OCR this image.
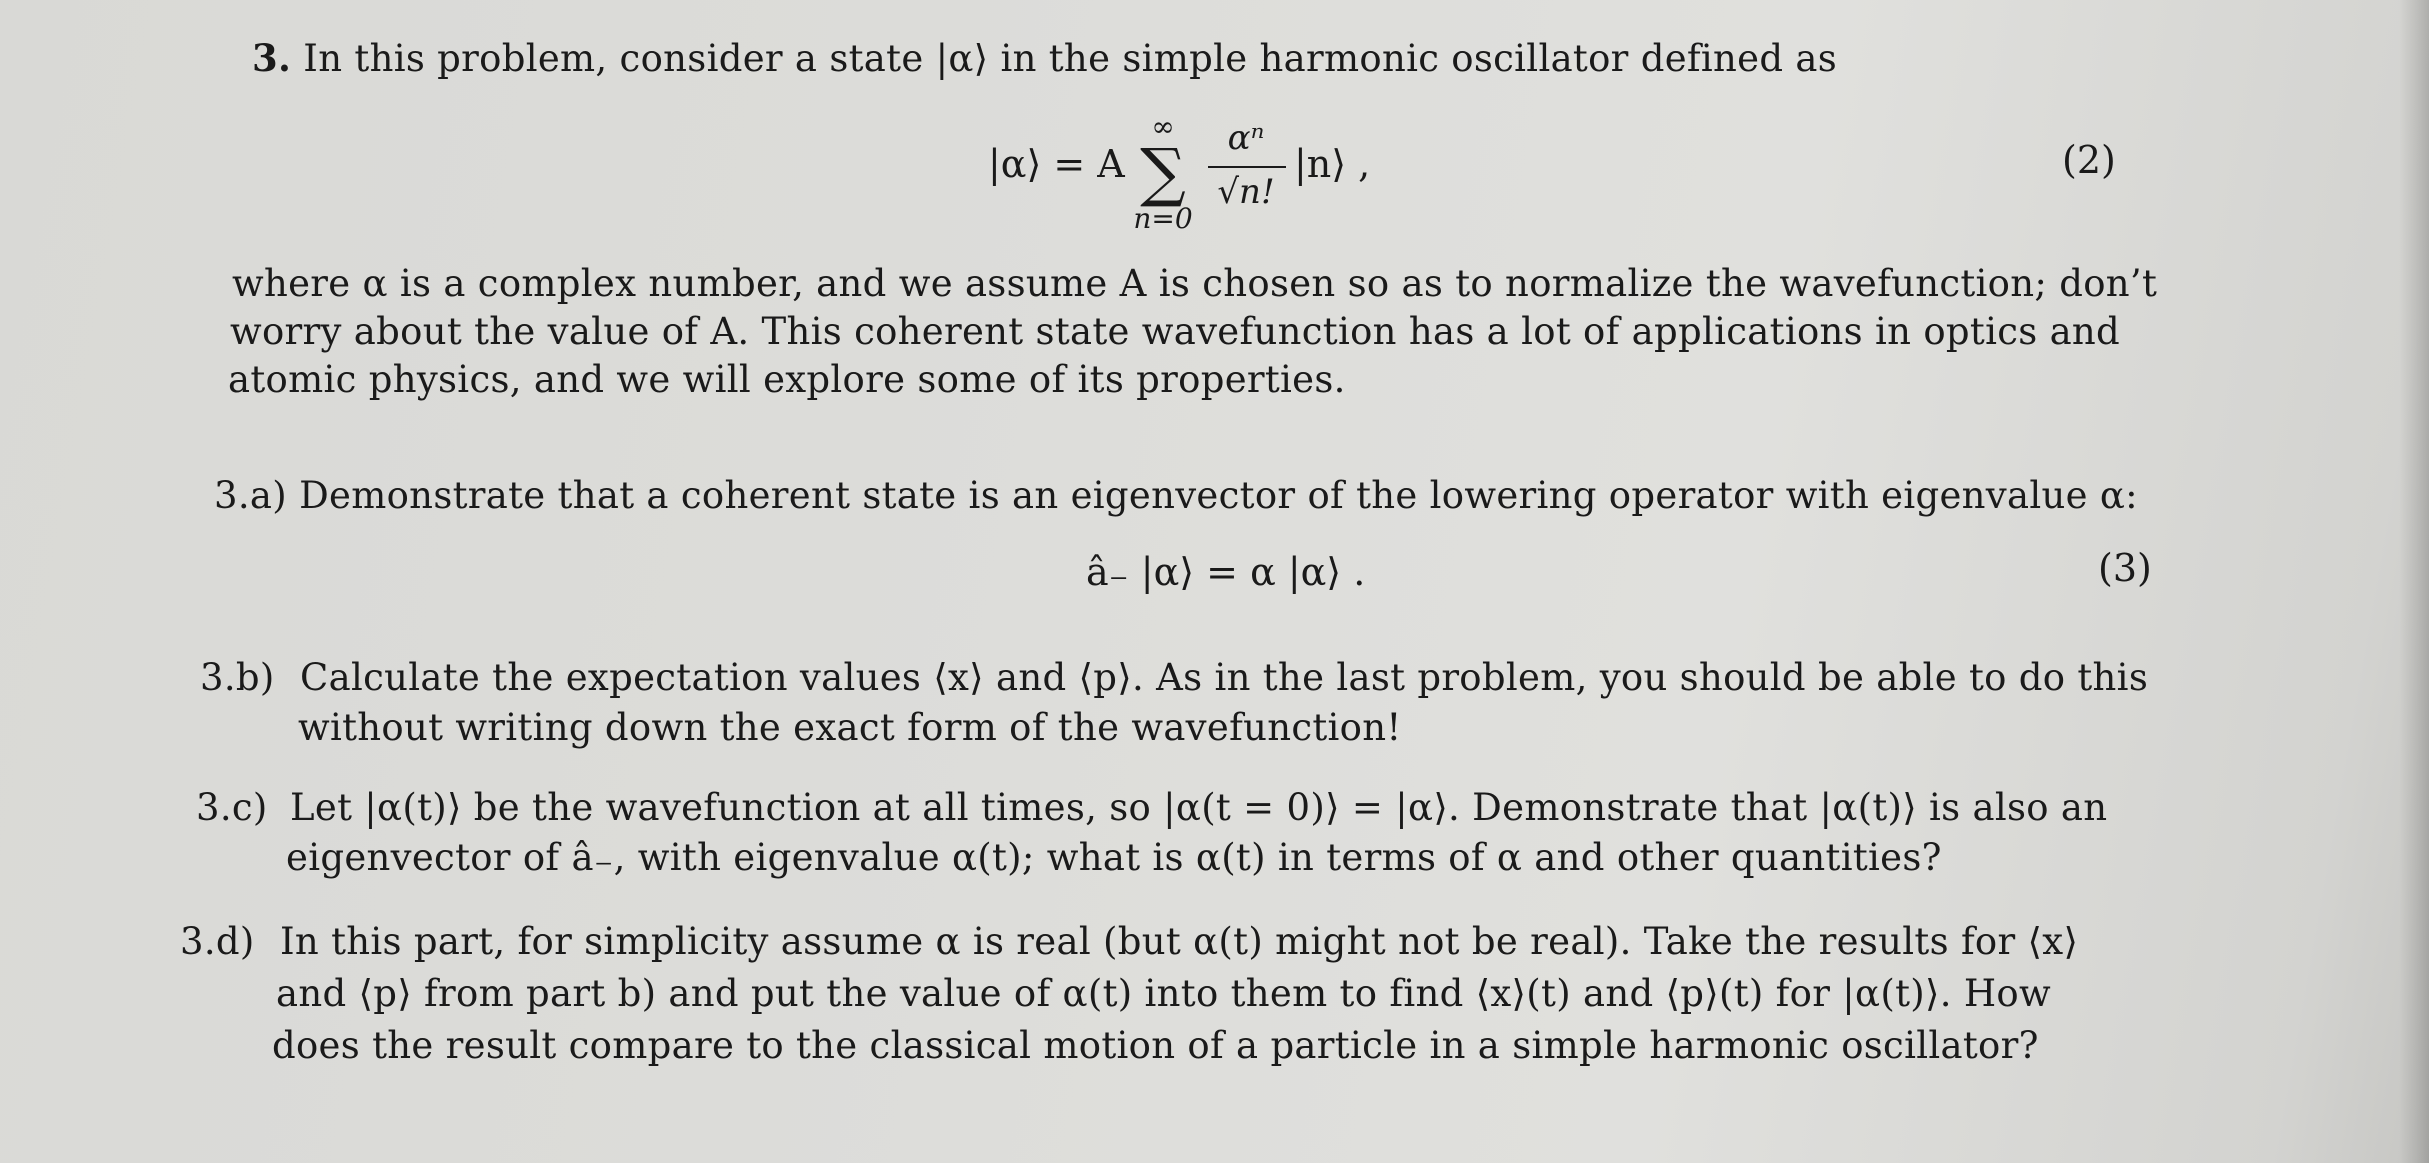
3. In this problem, consider a state |α⟩ in the simple harmonic oscillator defined as
|α⟩ = A
∞
∑
n=0
αⁿ
√n!
|n⟩ ,	(2)
where α is a complex number, and we assume A is chosen so as to normalize the wavefunction; don’t
worry about the value of A. This coherent state wavefunction has a lot of applications in optics and
atomic physics, and we will explore some of its properties.
3.a) Demonstrate that a coherent state is an eigenvector of the lowering operator with eigenvalue α:
â₋ |α⟩ = α |α⟩ .	(3)
3.b) Calculate the expectation values ⟨x⟩ and ⟨p⟩. As in the last problem, you should be able to do this
without writing down the exact form of the wavefunction!
3.c) Let |α(t)⟩ be the wavefunction at all times, so |α(t = 0)⟩ = |α⟩. Demonstrate that |α(t)⟩ is also an
eigenvector of â₋, with eigenvalue α(t); what is α(t) in terms of α and other quantities?
3.d) In this part, for simplicity assume α is real (but α(t) might not be real). Take the results for ⟨x⟩
and ⟨p⟩ from part b) and put the value of α(t) into them to find ⟨x⟩(t) and ⟨p⟩(t) for |α(t)⟩. How
does the result compare to the classical motion of a particle in a simple harmonic oscillator?
